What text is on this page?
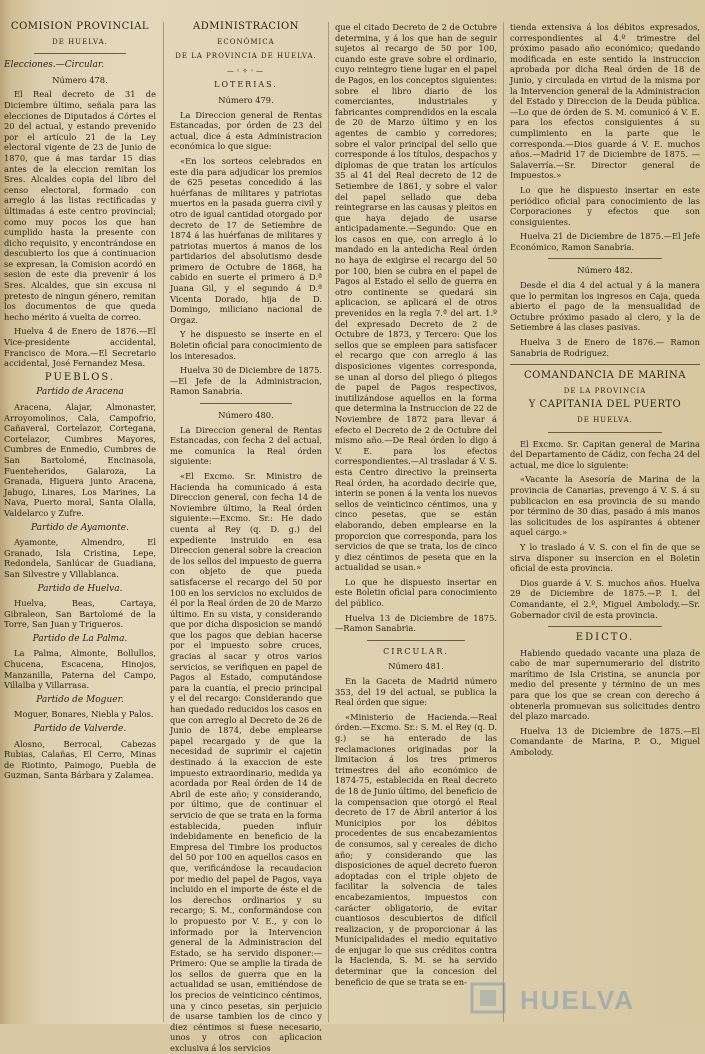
COMISION PROVINCIAL

DE HUELVA.

Elecciones.—Circular.

Número 478.

El Real decreto de 31 de Diciembre último, señala para las elecciones de Diputados á Córtes el 20 del actual, y estando prevenido por el artículo 21 de la Ley electoral vigente de 23 de Junio de 1870, que á mas tardar 15 dias antes de la eleccion remitan los Sres. Alcaldes copia del libro del censo electoral, formado con arreglo á las listas rectificadas y últimadas á este centro provincial; como muy pocos los que han cumplido hasta la presente con dicho requisito, y encontrándose en descubierto los que á continuacion se expresan, la Comision acordó en sesion de este dia prevenir á los Sres. Alcaldes, que sin excusa ni pretesto de ningun género, remitan los documentos de que queda hecho mérito á vuelta de correo.

Huelva 4 de Enero de 1876.—El Vice-presidente accidental, Francisco de Mora.—El Secretario accidental, José Fernandez Mesa.

PUEBLOS.

Partido de Aracena

Aracena, Alajar, Almonaster, Arroyomolinos, Cala, Campofrio, Cañaveral, Cortelazor, Cortegana, Cortelazor, Cumbres Mayores, Cumbres de Enmedio, Cumbres de San Bartolomé, Encinasola, Fuenteheridos, Galaroza, La Granada, Higuera junto Aracena, Jabugo, Linares, Los Marines, La Nava, Puerto moral, Santa Olalla, Valdelarco y Zufre.

Partido de Ayamonte.

Ayamonte, Almendro, El Granado, Isla Cristina, Lepe, Redondela, Sanlúcar de Guadiana, San Silvestre y Villablanca.

Partido de Huelva.

Huelva, Beas, Cartaya, Gibraleon, San Bartolomé de la Torre, San Juan y Trigueros.

Partido de La Palma.

La Palma, Almonte, Bollullos, Chucena, Escacena, Hinojos, Manzanilla, Paterna del Campo, Villalba y Villarrasa.

Partido de Moguer.

Moguer, Bonares, Niebla y Palos.

Partido de Valverde.

Alosno, Berrocal, Cabezas Rubias, Calañas, El Cerro, Minas de Riotinto, Paimogo, Puebla de Guzman, Santa Bárbara y Zalamea.

ADMINISTRACION

ECONÓMICA

DE LA PROVINCIA DE HUELVA.

—◦✧◦—

LOTERIAS.

Número 479.

La Direccion general de Rentas Estancadas, por órden de 23 del actual, dice á esta Administracion económica lo que sigue:

«En los sorteos celebrados en este dia para adjudicar los premios de 625 pesetas concedido á las huérfanas de militares y patriotas muertos en la pasada guerra civil y otro de igual cantidad otorgado por decreto de 17 de Setiembre de 1874 á las huérfanas de militares y patriotas muertos á manos de los partidarios del absolutismo desde primero de Octubre de 1868, ha cabido en suerte el primero á D.ª Juana Gil, y el segundo á D.ª Vicenta Dorado, hija de D. Domingo, miliciano nacional de Orgaz.

Y he dispuesto se inserte en el Boletin oficial para conocimiento de los interesados.

Huelva 30 de Diciembre de 1875. —El Jefe de la Administracion, Ramon Sanabria.

Número 480.

La Direccion general de Rentas Estancadas, con fecha 2 del actual, me comunica la Real órden siguiente:

«El Excmo. Sr. Ministro de Hacienda ha comunicado á esta Direccion general, con fecha 14 de Noviembre último, la Real órden siguiente:—Excmo. Sr.: He dado cuenta al Rey (q. D. g.) del expediente instruido en esa Direccion general sobre la creacion de los sellos del impuesto de guerra con objeto de que pueda satisfacerse el recargo del 50 por 100 en los servicios no excluidos de él por la Real órden de 20 de Marzo último. En su vista, y considerando que por dicha disposicion se mandó que los pagos que debian hacerse por el impuesto sobre cruces, gracias al sacar y otros varios servicios, se verifiquen en papel de Pagos al Estado, computándose para la cuantía, el precio principal y el del recargo: Considerando que han quedado reducidos los casos en que con arreglo al Decreto de 26 de Junio de 1874, debe emplearse papel recargado y de que la necesidad de suprimir el cajetin destinado á la exaccion de este impuesto extraordinario, medida ya acordada por Real órden de 14 de Abril de este año; y considerando, por último, que de continuar el servicio de que se trata en la forma establecida, pueden influir indebidamente en beneficio de la Empresa del Timbre los productos del 50 por 100 en aquellos casos en que, verificándose la recaudacion por medio del papel de Pagos, vaya incluido en el importe de éste el de los derechos ordinarios y su recargo; S. M., conformándose con lo propuesto por V. E., y con lo informado por la Intervencion general de la Administracion del Estado, se ha servido disponer:—Primero: Que se amplie la tirada de los sellos de guerra que en la actualidad se usan, emitiéndose de los precios de veinticinco céntimos, una y cinco pesetas, sin perjuicio de usarse tambien los de cinco y diez céntimos si fuese necesario, unos y otros con aplicacion exclusiva á los servicios

que el citado Decreto de 2 de Octubre determina, y á los que han de seguir sujetos al recargo de 50 por 100, cuando este grave sobre el ordinario, cuyo reintegro tiene lugar en el papel de Pagos, en los conceptos siguientes: sobre el libro diario de los comerciantes, industriales y fabricantes comprendidos en la escala de 20 de Marzo último y en los agentes de cambio y corredores; sobre el valor principal del sello que corresponde á los títulos, despachos y diplomas de que tratan los artículos 35 al 41 del Real decreto de 12 de Setiembre de 1861, y sobre el valor del papel sellado que deba reintegrarse en las causas y pleitos en que haya dejado de usarse anticipadamente.—Segundo: Que en los casos en que, con arreglo á lo mandado en la antedicha Real órden no haya de exigirse el recargo del 50 por 100, bien se cubra en el papel de Pagos al Estado el sello de guerra en otro continente se quedará sin aplicacion, se aplicará el de otros prevenidos en la regla 7.ª del art. 1.º del expresado Decreto de 2 de Octubre de 1873, y Tercero: Que los sellos que se empleen para satisfacer el recargo que con arreglo á las disposiciones vigentes corresponda, se unan al dorso del pliego ó pliegos de papel de Pagos respectivos, inutilizándose aquellos en la forma que determina la Instruccion de 22 de Noviembre de 1872 para llevar á efecto el Decreto de 2 de Octubre del mismo año.—De Real órden lo digo á V. E. para los efectos correspondientes.—Al trasladar á V. S. esta Centro directivo la preinserta Real órden, ha acordado decirle que, interin se ponen á la venta los nuevos sellos de veinticinco céntimos, una y cinco pesetas, que se están elaborando, deben emplearse en la proporcion que corresponda, para los servicios de que se trata, los de cinco y diez céntimos de peseta que en la actualidad se usan.»

Lo que he dispuesto insertar en este Boletin oficial para conocimiento del público.

Huelva 13 de Diciembre de 1875. —Ramon Sanabria.

CIRCULAR.

Número 481.

En la Gaceta de Madrid número 353, del 19 del actual, se publica la Real órden que sigue:

«Ministerio de Hacienda.—Real órden.—Excmo. Sr.: S. M. el Rey (q. D. g.) se ha enterado de las reclamaciones originadas por la limitacion á los tres primeros trimestres del año económico de 1874-75, establecida en Real decreto de 18 de Junio último, del beneficio de la compensacion que otorgó el Real decreto de 17 de Abril anterior á los Municipios por los débitos procedentes de sus encabezamientos de consumos, sal y cereales de dicho año; y considerando que las disposiciones de aquel decreto fueron adoptadas con el triple objeto de facilitar la solvencia de tales encabezamientos, impuestos con carácter obligatorio, de evitar cuantiosos descubiertos de difícil realizacion, y de proporcionar á las Municipalidades el medio equitativo de enjugar lo que sus créditos contra la Hacienda, S. M. se ha servido determinar que la concesion del beneficio de que se trata se en-

tienda extensiva á los débitos expresados, correspondientes al 4.º trimestre del próximo pasado año económico; quedando modificada en este sentido la instruccion aprobada por dicha Real órden de 18 de Junio, y circulada en virtud de la misma por la Intervencion general de la Administracion del Estado y Direccion de la Deuda pública.—Lo que de órden de S. M. comunicó á V. E. para los efectos consiguientes á su cumplimiento en la parte que le corresponda.—Dios guarde á V. E. muchos años.—Madrid 17 de Diciembre de 1875. —Salaverría.—Sr. Director general de Impuestos.»

Lo que he dispuesto insertar en este periódico oficial para conocimiento de las Corporaciones y efectos que son consiguientes.

Huelva 21 de Diciembre de 1875.—El Jefe Económico, Ramon Sanabria.

Número 482.

Desde el dia 4 del actual y á la manera que lo permitan los ingresos en Caja, queda abierto el pago de la mensualidad de Octubre próximo pasado al clero, y la de Setiembre á las clases pasivas.

Huelva 3 de Enero de 1876.— Ramon Sanabria de Rodriguez.

COMANDANCIA DE MARINA

DE LA PROVINCIA

Y CAPITANIA DEL PUERTO

DE HUELVA.

El Excmo. Sr. Capitan general de Marina del Departamento de Cádiz, con fecha 24 del actual, me dice lo siguiente:

«Vacante la Asesoría de Marina de la provincia de Canarias, prevengo á V. S. á su publicacion en esa provincia de su mando por término de 30 dias, pasado á mis manos las solicitudes de los aspirantes á obtener aquel cargo.»

Y lo traslado á V. S. con el fin de que se sirva disponer su insercion en el Boletin oficial de esta provincia.

Dios guarde á V. S. muchos años. Huelva 29 de Diciembre de 1875.—P. I. del Comandante, el 2.º, Miguel Ambolody.—Sr. Gobernador civil de esta provincia.

EDICTO.

Habiendo quedado vacante una plaza de cabo de mar supernumerario del distrito marítimo de Isla Cristina, se anuncia por medio del presente y término de un mes para que los que se crean con derecho á obtenerla promuevan sus solicitudes dentro del plazo marcado.

Huelva 13 de Diciembre de 1875.—El Comandante de Marina, P. O., Miguel Ambolody.

HUELVA
